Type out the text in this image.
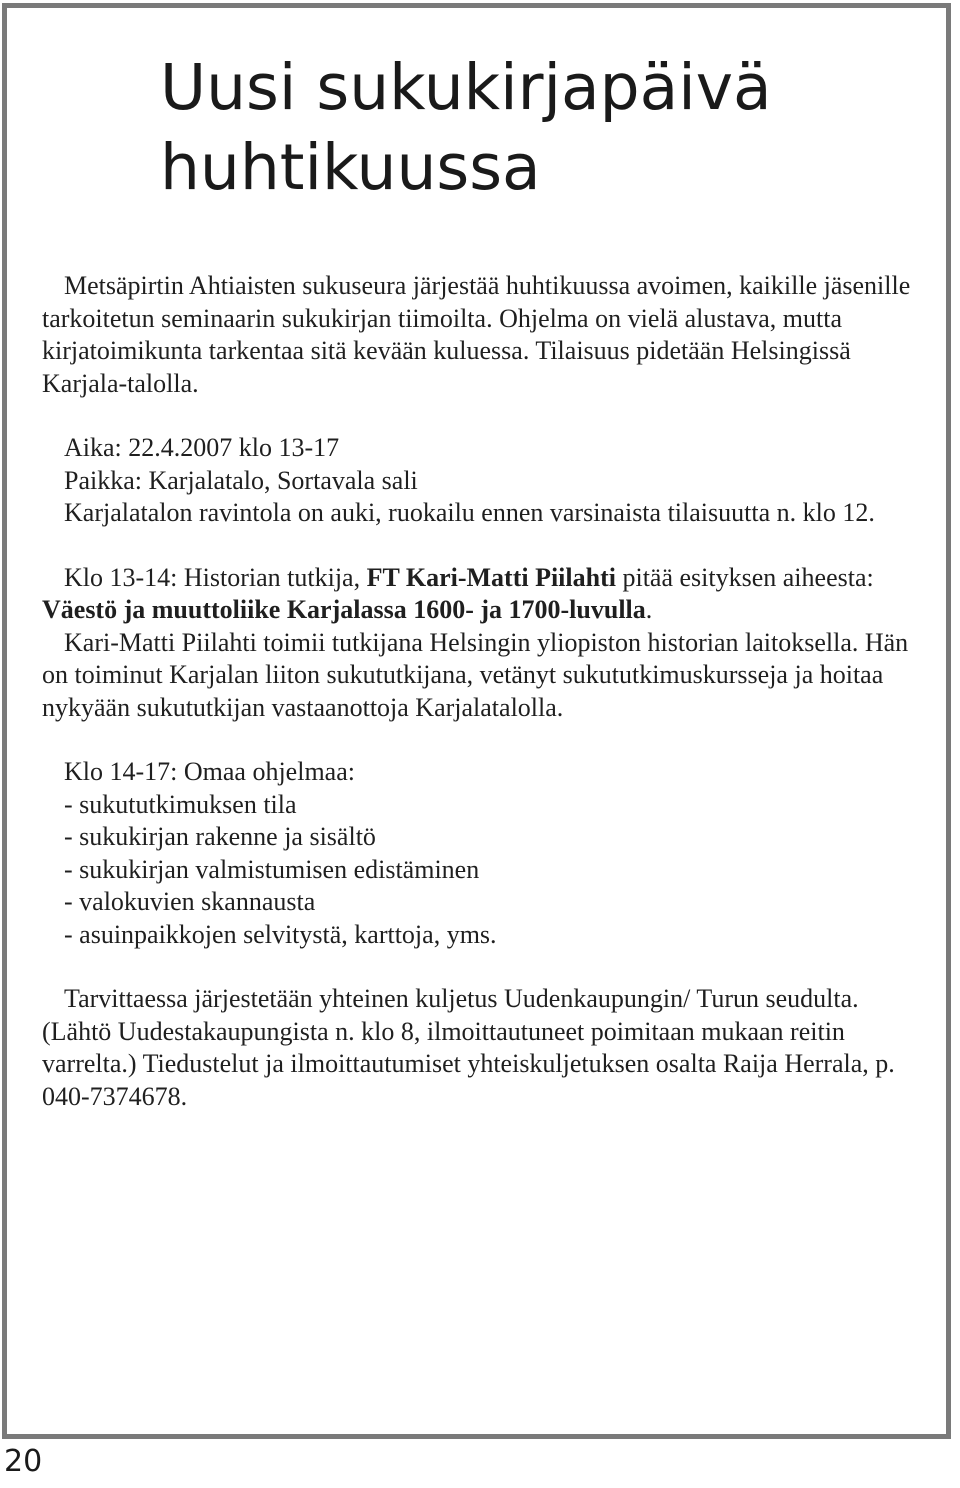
Uusi sukukirjapäivä
huhtikuussa

Metsäpirtin Ahtiaisten sukuseura järjestää huhtikuussa avoimen, kaikille jäsenille tarkoitetun seminaarin sukukirjan tiimoilta. Ohjelma on vielä alustava, mutta kirjatoimikunta tarkentaa sitä kevään kuluessa. Tilaisuus pidetään Helsingissä Karjala-talolla.

Aika: 22.4.2007 klo 13-17

Paikka: Karjalatalo, Sortavala sali

Karjalatalon ravintola on auki, ruokailu ennen varsinaista tilaisuutta n. klo 12.

Klo 13-14: Historian tutkija, FT Kari-Matti Piilahti pitää esityksen aiheesta: Väestö ja muuttoliike Karjalassa 1600- ja 1700-luvulla.

Kari-Matti Piilahti toimii tutkijana Helsingin yliopiston historian laitoksella. Hän on toiminut Karjalan liiton sukututkijana, vetänyt sukututkimuskursseja ja hoitaa nykyään sukututkijan vastaanottoja Karjalatalolla.

Klo 14-17: Omaa ohjelmaa:

- sukututkimuksen tila
- sukukirjan rakenne ja sisältö
- sukukirjan valmistumisen edistäminen
- valokuvien skannausta
- asuinpaikkojen selvitystä, karttoja, yms.

Tarvittaessa järjestetään yhteinen kuljetus Uudenkaupungin/ Turun seudulta. (Lähtö Uudestakaupungista n. klo 8, ilmoittautuneet poimitaan mukaan reitin varrelta.) Tiedustelut ja ilmoittautumiset yhteiskuljetuksen osalta Raija Herrala, p. 040-7374678.

20
